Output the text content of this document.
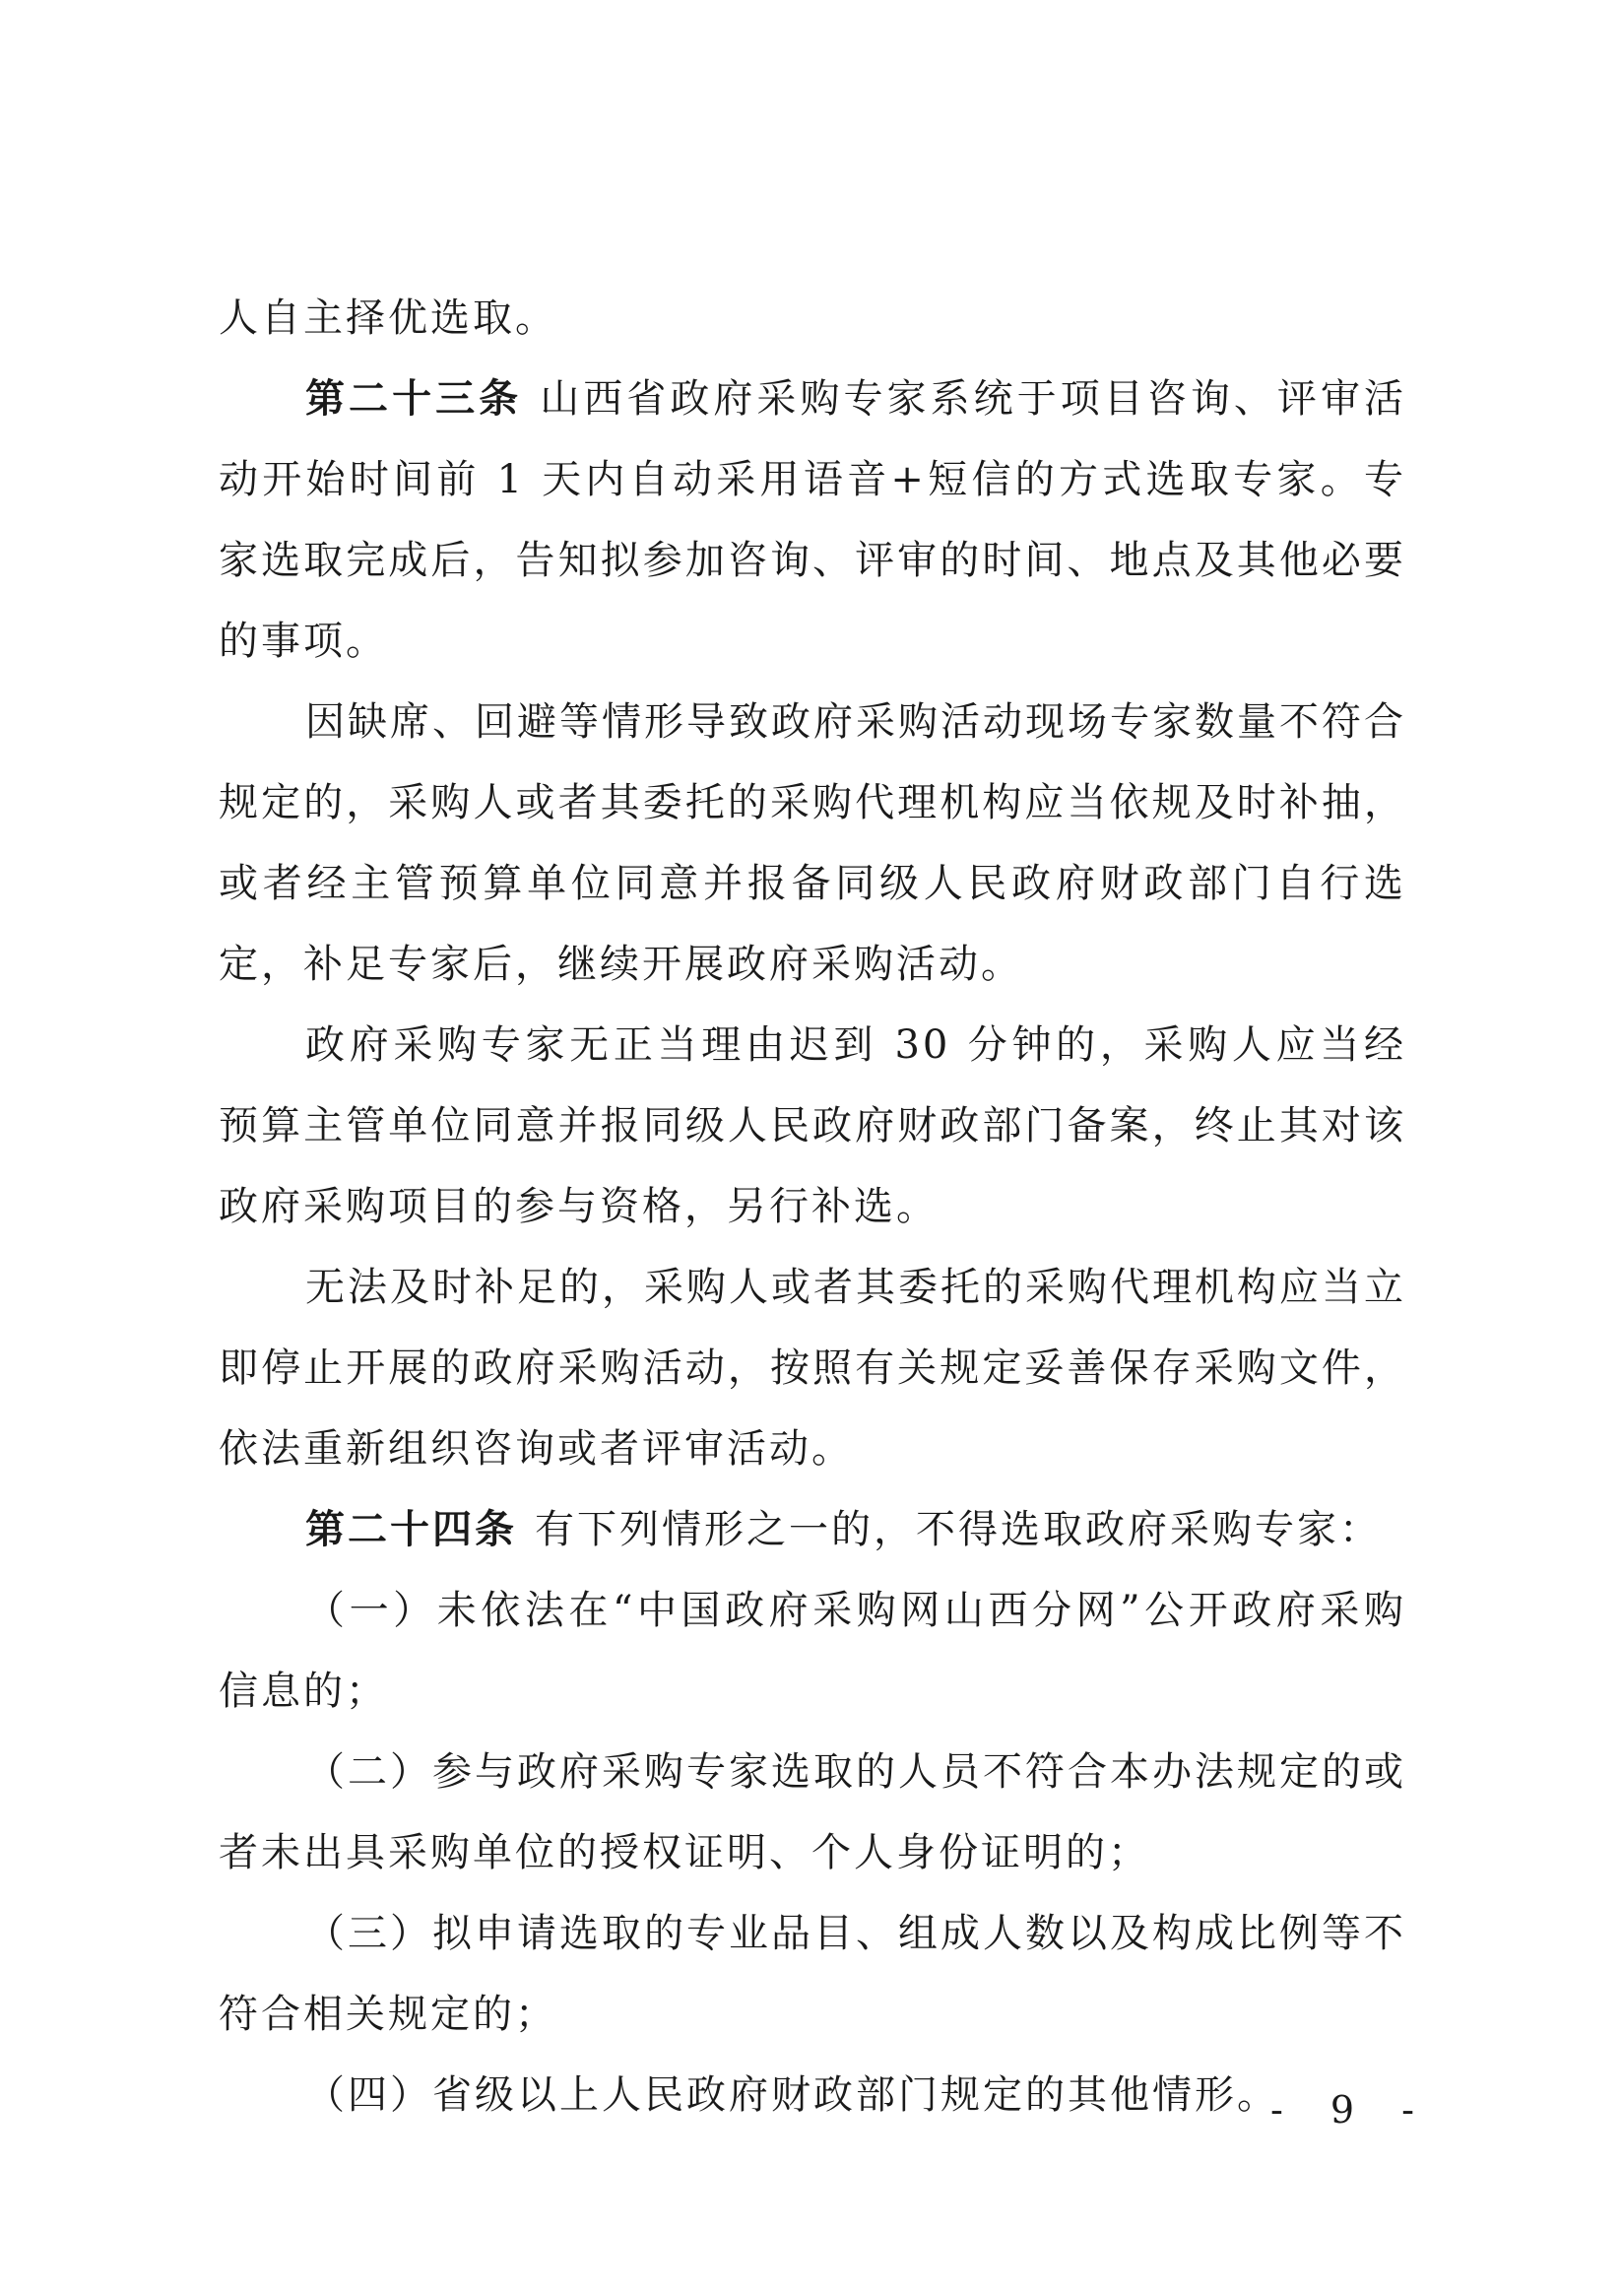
人自主择优选取。

第二十三条 山西省政府采购专家系统于项目咨询、评审活动开始时间前 1 天内自动采用语音+短信的方式选取专家。专家选取完成后，告知拟参加咨询、评审的时间、地点及其他必要的事项。

因缺席、回避等情形导致政府采购活动现场专家数量不符合规定的，采购人或者其委托的采购代理机构应当依规及时补抽，或者经主管预算单位同意并报备同级人民政府财政部门自行选定，补足专家后，继续开展政府采购活动。

政府采购专家无正当理由迟到 30 分钟的，采购人应当经预算主管单位同意并报同级人民政府财政部门备案，终止其对该政府采购项目的参与资格，另行补选。

无法及时补足的，采购人或者其委托的采购代理机构应当立即停止开展的政府采购活动，按照有关规定妥善保存采购文件，依法重新组织咨询或者评审活动。

第二十四条 有下列情形之一的，不得选取政府采购专家：

（一）未依法在“中国政府采购网山西分网”公开政府采购信息的；

（二）参与政府采购专家选取的人员不符合本办法规定的或者未出具采购单位的授权证明、个人身份证明的；

（三）拟申请选取的专业品目、组成人数以及构成比例等不符合相关规定的；

（四）省级以上人民政府财政部门规定的其他情形。

- 9 -
